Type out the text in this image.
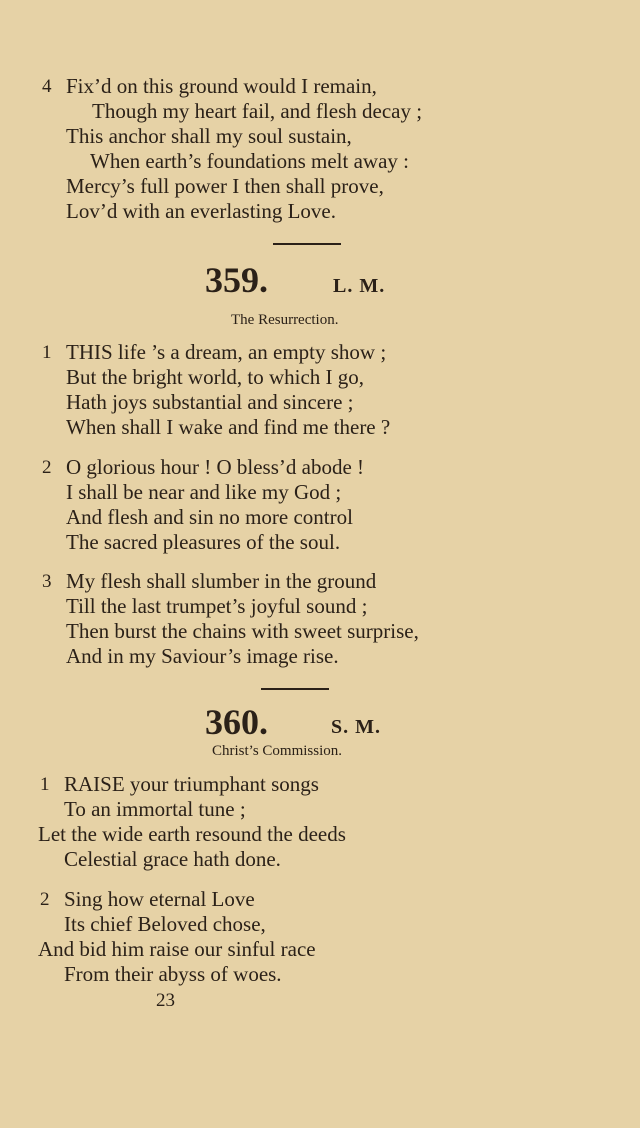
4 Fix’d on this ground would I remain,
Though my heart fail, and flesh decay ;
This anchor shall my soul sustain,
When earth’s foundations melt away :
Mercy’s full power I then shall prove,
Lov’d with an everlasting Love.
359.	L. M.
The Resurrection.
1 THIS life ’s a dream, an empty show ;
But the bright world, to which I go,
Hath joys substantial and sincere ;
When shall I wake and find me there ?
2 O glorious hour ! O bless’d abode !
I shall be near and like my God ;
And flesh and sin no more control
The sacred pleasures of the soul.
3 My flesh shall slumber in the ground
Till the last trumpet’s joyful sound ;
Then burst the chains with sweet surprise,
And in my Saviour’s image rise.
360.	S. M.
Christ’s Commission.
1 RAISE your triumphant songs
To an immortal tune ;
Let the wide earth resound the deeds
Celestial grace hath done.
2 Sing how eternal Love
Its chief Beloved chose,
And bid him raise our sinful race
From their abyss of woes.
23
